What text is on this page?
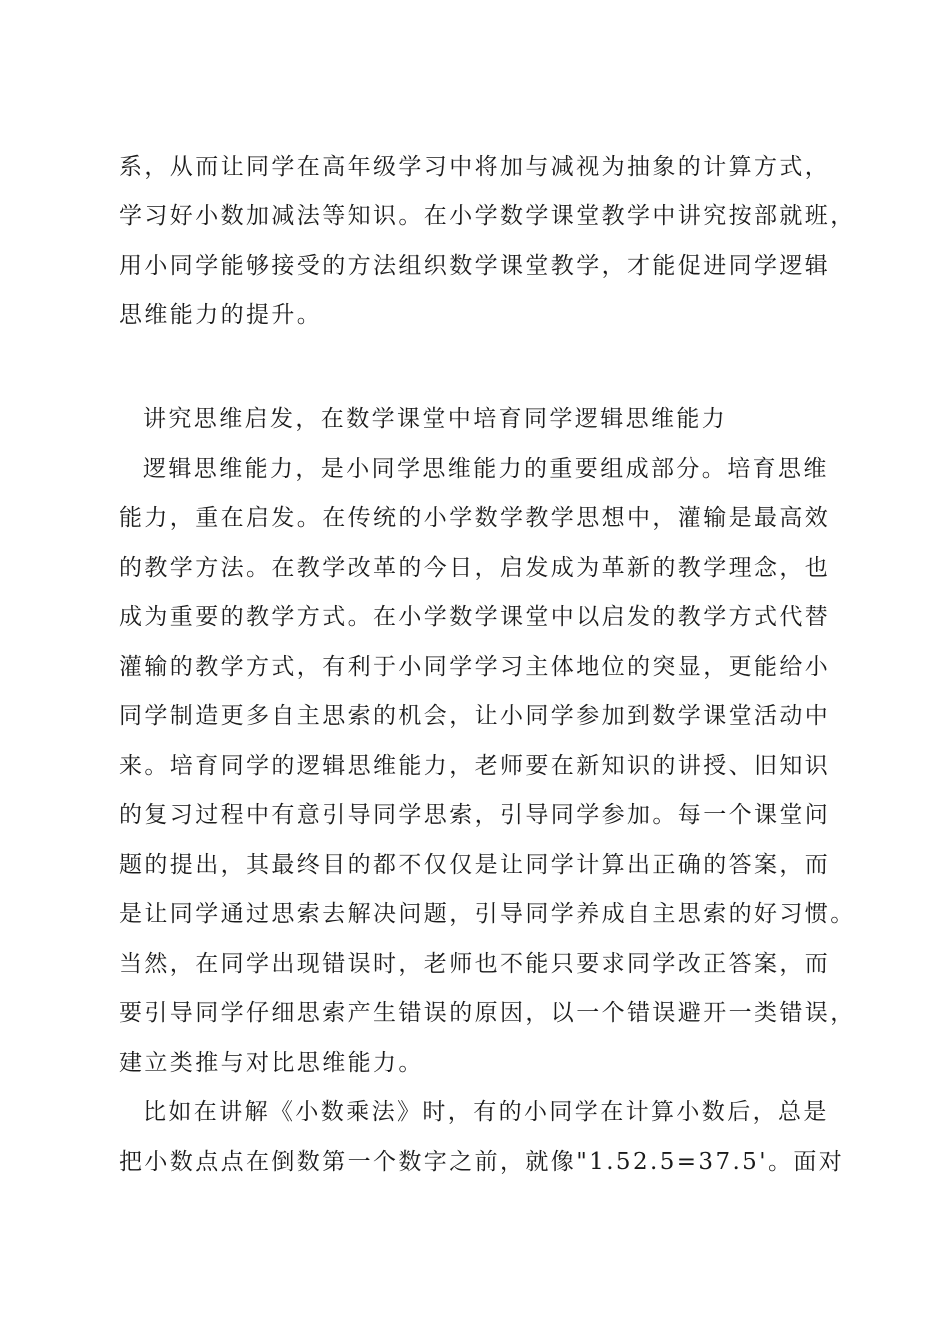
系，从而让同学在高年级学习中将加与减视为抽象的计算方式，
学习好小数加减法等知识。在小学数学课堂教学中讲究按部就班，
用小同学能够接受的方法组织数学课堂教学，才能促进同学逻辑
思维能力的提升。
讲究思维启发，在数学课堂中培育同学逻辑思维能力
逻辑思维能力，是小同学思维能力的重要组成部分。培育思维
能力，重在启发。在传统的小学数学教学思想中，灌输是最高效
的教学方法。在教学改革的今日，启发成为革新的教学理念，也
成为重要的教学方式。在小学数学课堂中以启发的教学方式代替
灌输的教学方式，有利于小同学学习主体地位的突显，更能给小
同学制造更多自主思索的机会，让小同学参加到数学课堂活动中
来。培育同学的逻辑思维能力，老师要在新知识的讲授、旧知识
的复习过程中有意引导同学思索，引导同学参加。每一个课堂问
题的提出，其最终目的都不仅仅是让同学计算出正确的答案，而
是让同学通过思索去解决问题，引导同学养成自主思索的好习惯。
当然，在同学出现错误时，老师也不能只要求同学改正答案，而
要引导同学仔细思索产生错误的原因，以一个错误避开一类错误，
建立类推与对比思维能力。
比如在讲解《小数乘法》时，有的小同学在计算小数后，总是
把小数点点在倒数第一个数字之前，就像"1.52.5=37.5'。面对
